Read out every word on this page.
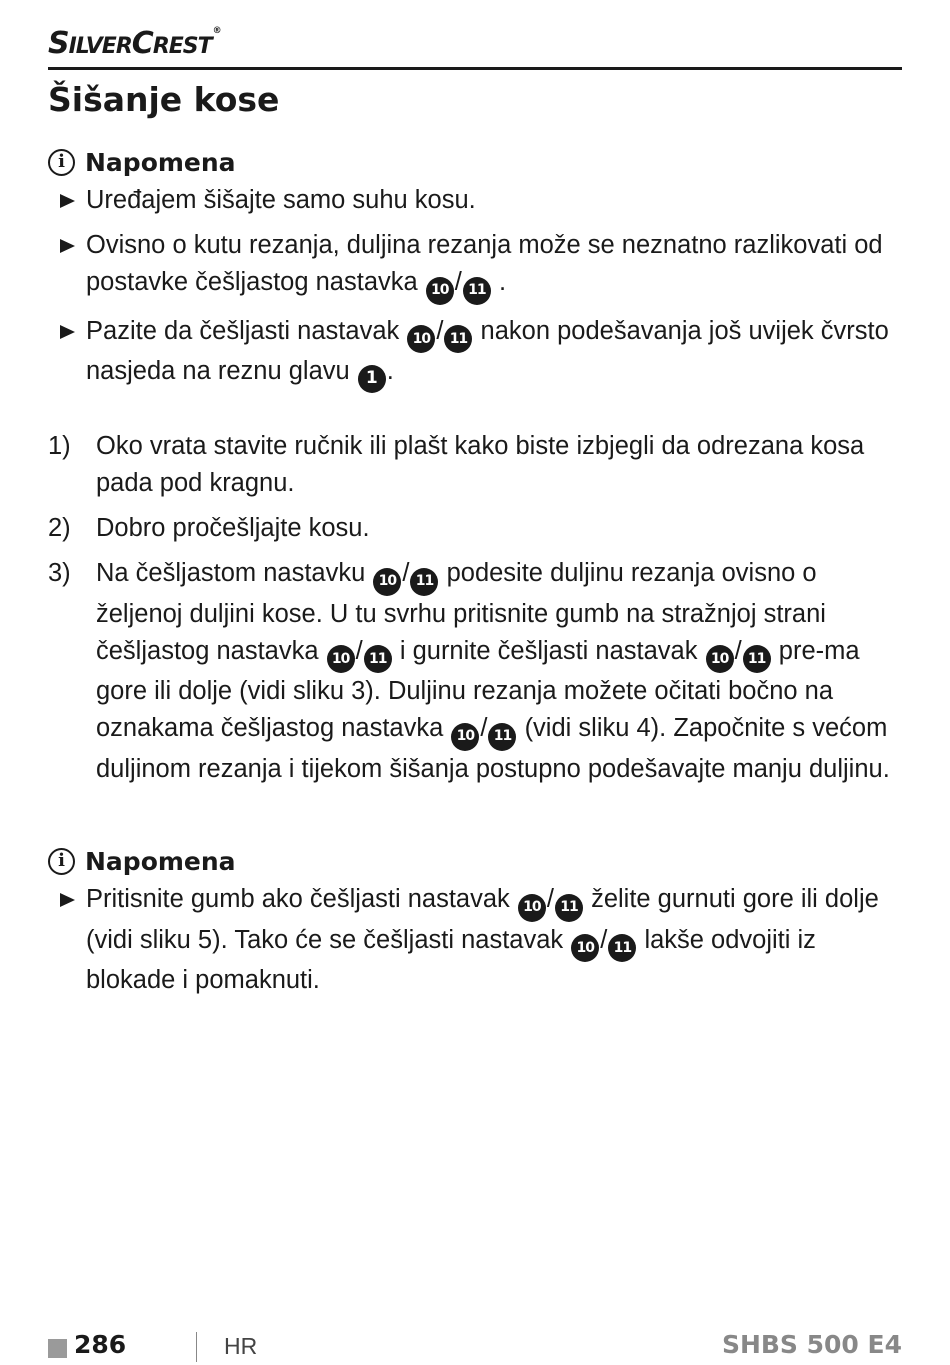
SILVERCREST®
Šišanje kose
i Napomena
Uređajem šišajte samo suhu kosu.
Ovisno o kutu rezanja, duljina rezanja može se neznatno razlikovati od postavke češljastog nastavka 10 / 11 .
Pazite da češljasti nastavak 10 / 11 nakon podešavanja još uvijek čvrsto nasjeda na reznu glavu 1 .
1) Oko vrata stavite ručnik ili plašt kako biste izbjegli da odrezana kosa pada pod kragnu.
2) Dobro pročešljajte kosu.
3) Na češljastom nastavku 10 / 11 podesite duljinu rezanja ovisno o željenoj duljini kose. U tu svrhu pritisnite gumb na stražnjoj strani češljastog nastavka 10 / 11 i gurnite češljasti nastavak 10 / 11 pre-ma gore ili dolje (vidi sliku 3). Duljinu rezanja možete očitati bočno na oznakama češljastog nastavka 10 / 11 (vidi sliku 4). Započnite s većom duljinom rezanja i tijekom šišanja postupno podešavajte manju duljinu.
i Napomena
Pritisnite gumb ako češljasti nastavak 10 / 11 želite gurnuti gore ili dolje (vidi sliku 5). Tako će se češljasti nastavak 10 / 11 lakše odvojiti iz blokade i pomaknuti.
286	HR	SHBS 500 E4
